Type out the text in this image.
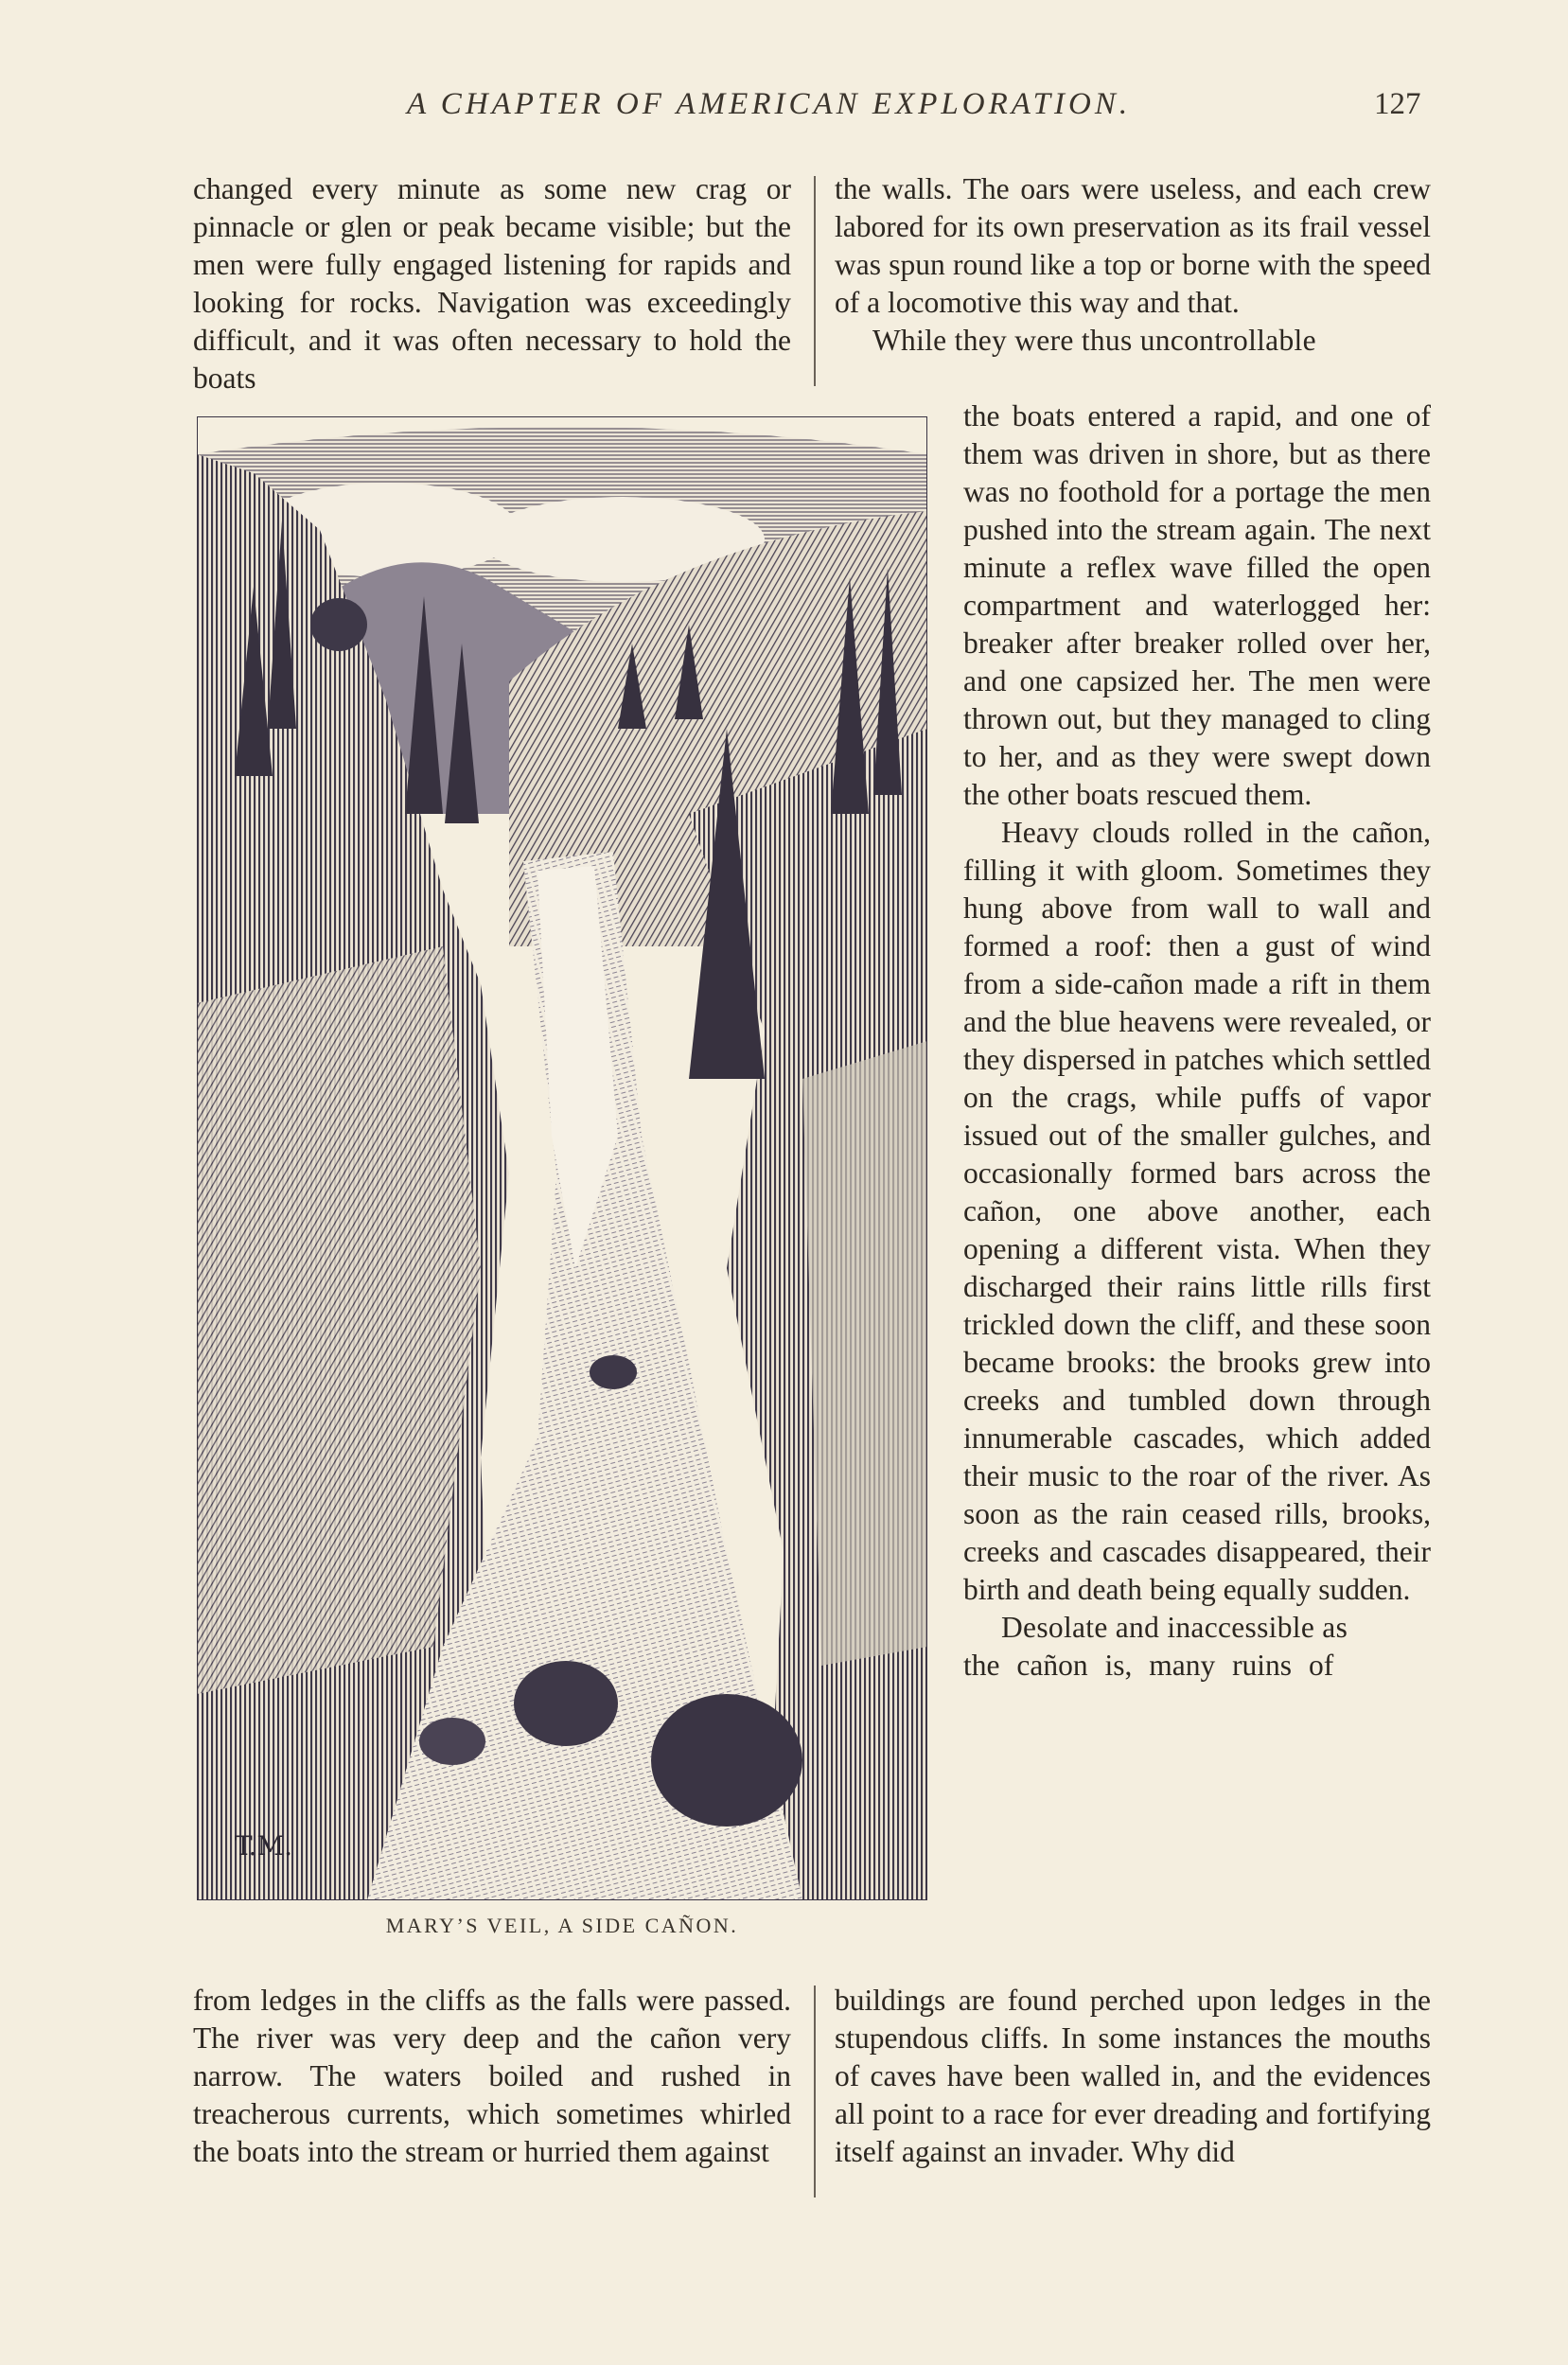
A CHAPTER OF AMERICAN EXPLORATION.	127

changed every minute as some new crag or pinnacle or glen or peak became visible; but the men were fully engaged listening for rapids and looking for rocks. Navigation was exceedingly difficult, and it was often necessary to hold the boats

the walls. The oars were useless, and each crew labored for its own preservation as its frail vessel was spun round like a top or borne with the speed of a locomotive this way and that.

While they were thus uncontrollable

T.M.
MARY’S VEIL, A SIDE CAÑON.

the boats entered a rapid, and one of them was driven in shore, but as there was no foothold for a portage the men pushed into the stream again. The next minute a reflex wave filled the open compartment and waterlogged her: breaker after breaker rolled over her, and one capsized her. The men were thrown out, but they managed to cling to her, and as they were swept down the other boats rescued them.

Heavy clouds rolled in the cañon, filling it with gloom. Sometimes they hung above from wall to wall and formed a roof: then a gust of wind from a side-cañon made a rift in them and the blue heavens were revealed, or they dispersed in patches which settled on the crags, while puffs of vapor issued out of the smaller gulches, and occasionally formed bars across the cañon, one above another, each opening a different vista. When they discharged their rains little rills first trickled down the cliff, and these soon became brooks: the brooks grew into creeks and tumbled down through innumerable cascades, which added their music to the roar of the river. As soon as the rain ceased rills, brooks, creeks and cascades disappeared, their birth and death being equally sudden.

Desolate and inaccessible as

the cañon is, many ruins of

from ledges in the cliffs as the falls were passed. The river was very deep and the cañon very narrow. The waters boiled and rushed in treacherous currents, which sometimes whirled the boats into the stream or hurried them against

buildings are found perched upon ledges in the stupendous cliffs. In some instances the mouths of caves have been walled in, and the evidences all point to a race for ever dreading and fortifying itself against an invader. Why did
